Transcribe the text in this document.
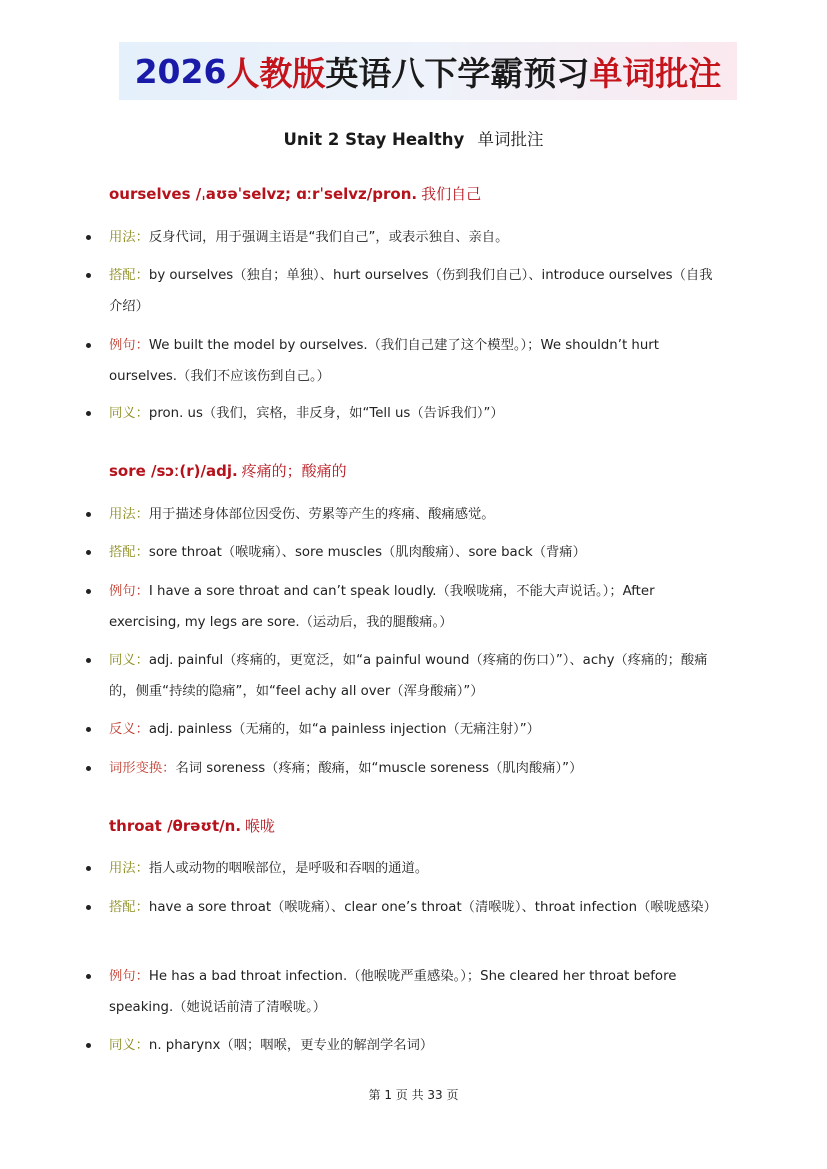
2026 人教版 英语八下学霸预习 单词批注
Unit 2 Stay Healthy 单词批注
ourselves /ˌaʊəˈselvz; ɑːrˈselvz/pron. 我们自己
用法：反身代词，用于强调主语是“我们自己”，或表示独自、亲自。
搭配：by ourselves（独自；单独）、hurt ourselves（伤到我们自己）、introduce ourselves（自我介绍）
例句：We built the model by ourselves.（我们自己建了这个模型。）；We shouldn’t hurt ourselves.（我们不应该伤到自己。）
同义：pron. us（我们，宾格，非反身，如“Tell us（告诉我们）”）
sore /sɔː(r)/adj. 疼痛的；酸痛的
用法：用于描述身体部位因受伤、劳累等产生的疼痛、酸痛感觉。
搭配：sore throat（喉咙痛）、sore muscles（肌肉酸痛）、sore back（背痛）
例句：I have a sore throat and can’t speak loudly.（我喉咙痛，不能大声说话。）；After exercising, my legs are sore.（运动后，我的腿酸痛。）
同义：adj. painful（疼痛的，更宽泛，如“a painful wound（疼痛的伤口）”）、achy（疼痛的；酸痛的，侧重“持续的隐痛”，如“feel achy all over（浑身酸痛）”）
反义：adj. painless（无痛的，如“a painless injection（无痛注射）”）
词形变换：名词 soreness（疼痛；酸痛，如“muscle soreness（肌肉酸痛）”）
throat /θrəʊt/n. 喉咙
用法：指人或动物的咽喉部位，是呼吸和吞咽的通道。
搭配：have a sore throat（喉咙痛）、clear one’s throat（清喉咙）、throat infection（喉咙感染）
例句：He has a bad throat infection.（他喉咙严重感染。）；She cleared her throat before speaking.（她说话前清了清喉咙。）
同义：n. pharynx（咽；咽喉，更专业的解剖学名词）
第 1 页 共 33 页
